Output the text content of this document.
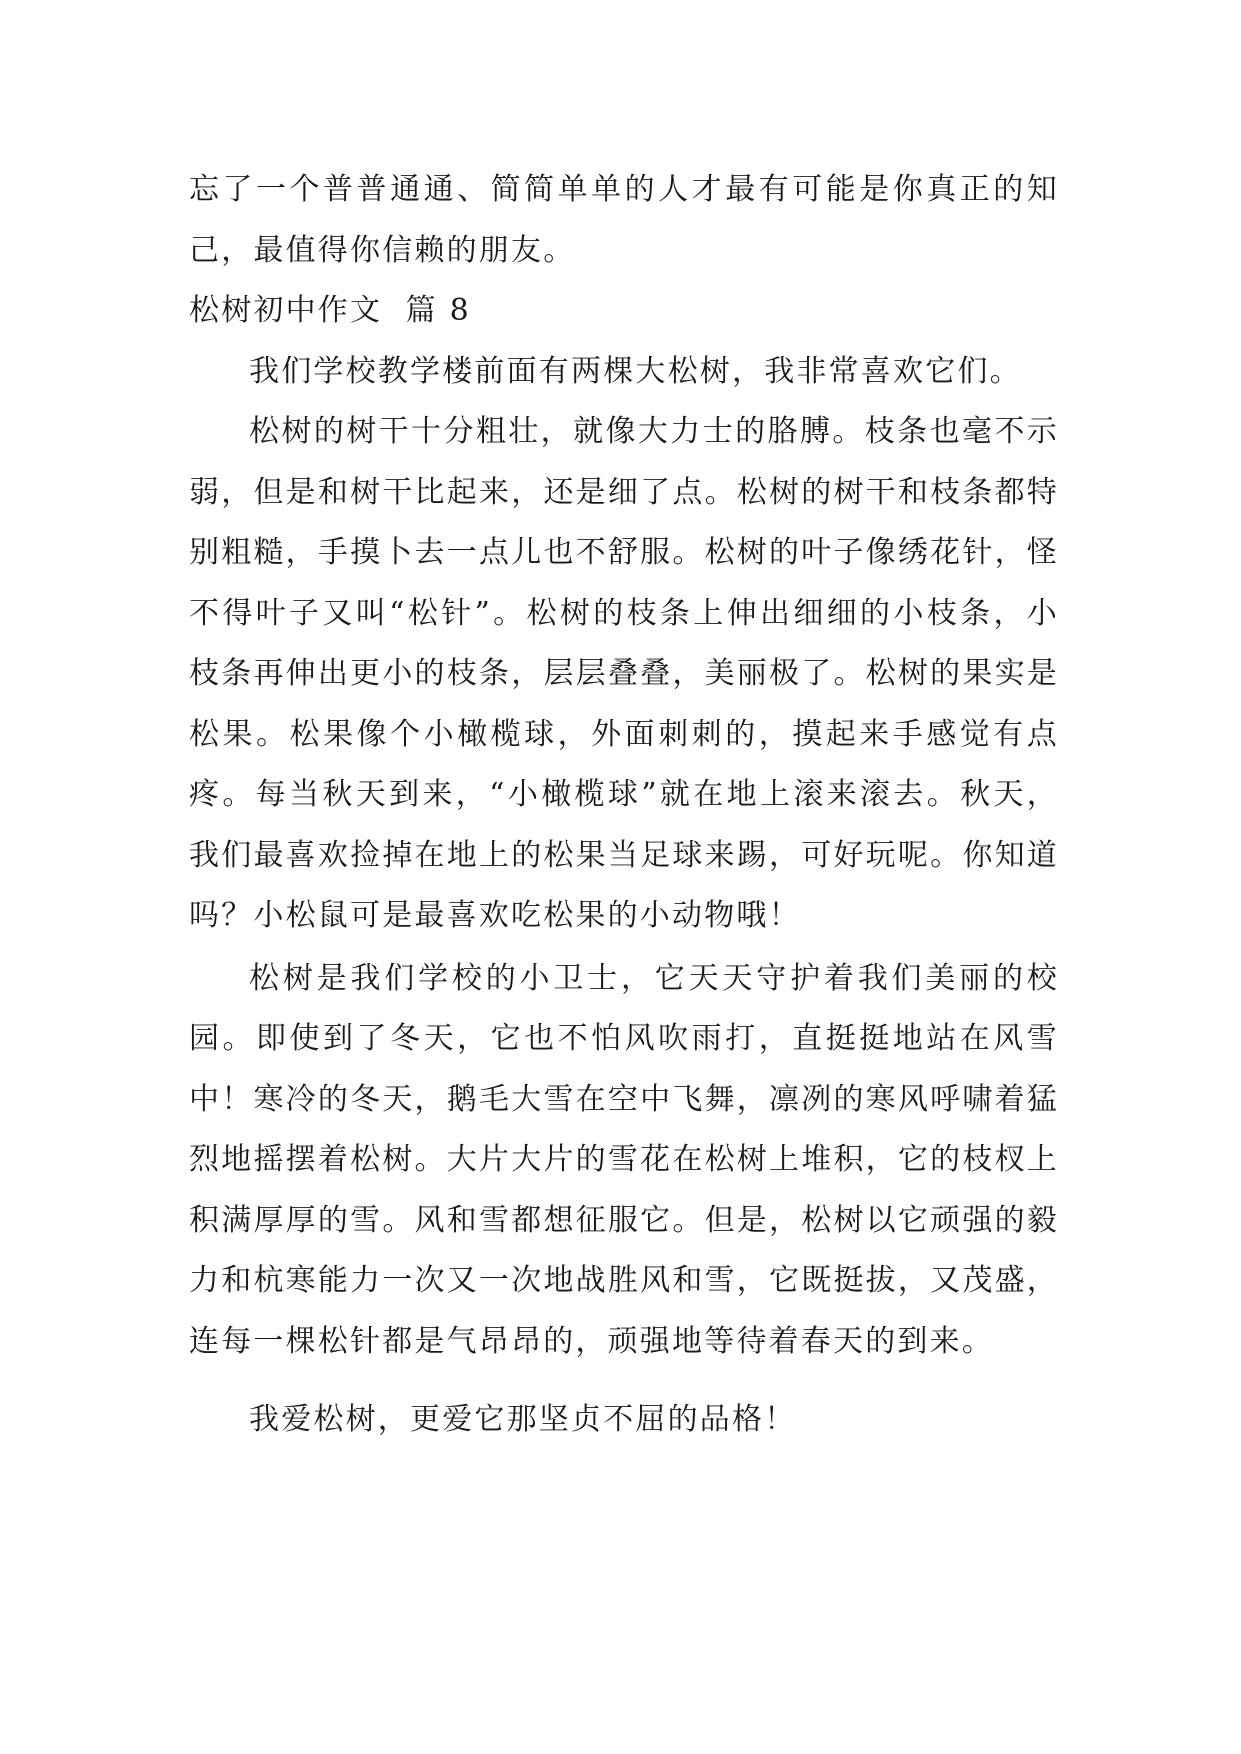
忘了一个普普通通、简简单单的人才最有可能是你真正的知己，最值得你信赖的朋友。

松树初中作文  篇 8

我们学校教学楼前面有两棵大松树，我非常喜欢它们。

松树的树干十分粗壮，就像大力士的胳膊。枝条也毫不示弱，但是和树干比起来，还是细了点。松树的树干和枝条都特别粗糙，手摸卜去一点儿也不舒服。松树的叶子像绣花针，怪不得叶子又叫“松针”。松树的枝条上伸出细细的小枝条，小枝条再伸出更小的枝条，层层叠叠，美丽极了。松树的果实是松果。松果像个小橄榄球，外面刺刺的，摸起来手感觉有点疼。每当秋天到来，“小橄榄球”就在地上滚来滚去。秋天，我们最喜欢捡掉在地上的松果当足球来踢，可好玩呢。你知道吗？小松鼠可是最喜欢吃松果的小动物哦！

松树是我们学校的小卫士，它天天守护着我们美丽的校园。即使到了冬天，它也不怕风吹雨打，直挺挺地站在风雪中！寒冷的冬天，鹅毛大雪在空中飞舞，凛冽的寒风呼啸着猛烈地摇摆着松树。大片大片的雪花在松树上堆积，它的枝杈上积满厚厚的雪。风和雪都想征服它。但是，松树以它顽强的毅力和杭寒能力一次又一次地战胜风和雪，它既挺拔，又茂盛，连每一棵松针都是气昂昂的，顽强地等待着春天的到来。

我爱松树，更爱它那坚贞不屈的品格！
